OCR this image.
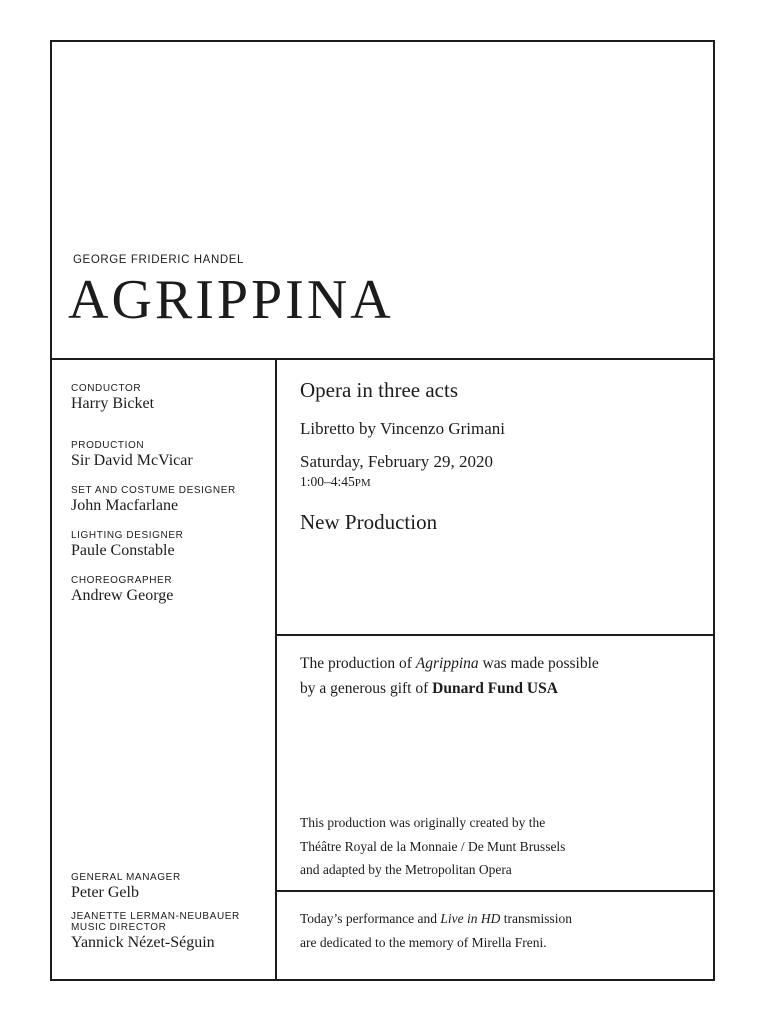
GEORGE FRIDERIC HANDEL
AGRIPPINA
CONDUCTOR
Harry Bicket
PRODUCTION
Sir David McVicar
SET AND COSTUME DESIGNER
John Macfarlane
LIGHTING DESIGNER
Paule Constable
CHOREOGRAPHER
Andrew George
GENERAL MANAGER
Peter Gelb
JEANETTE LERMAN-NEUBAUER
MUSIC DIRECTOR
Yannick Nézet-Séguin
Opera in three acts
Libretto by Vincenzo Grimani
Saturday, February 29, 2020
1:00–4:45PM
New Production
The production of Agrippina was made possible
by a generous gift of Dunard Fund USA
This production was originally created by the
Théâtre Royal de la Monnaie / De Munt Brussels
and adapted by the Metropolitan Opera
Today’s performance and Live in HD transmission
are dedicated to the memory of Mirella Freni.
